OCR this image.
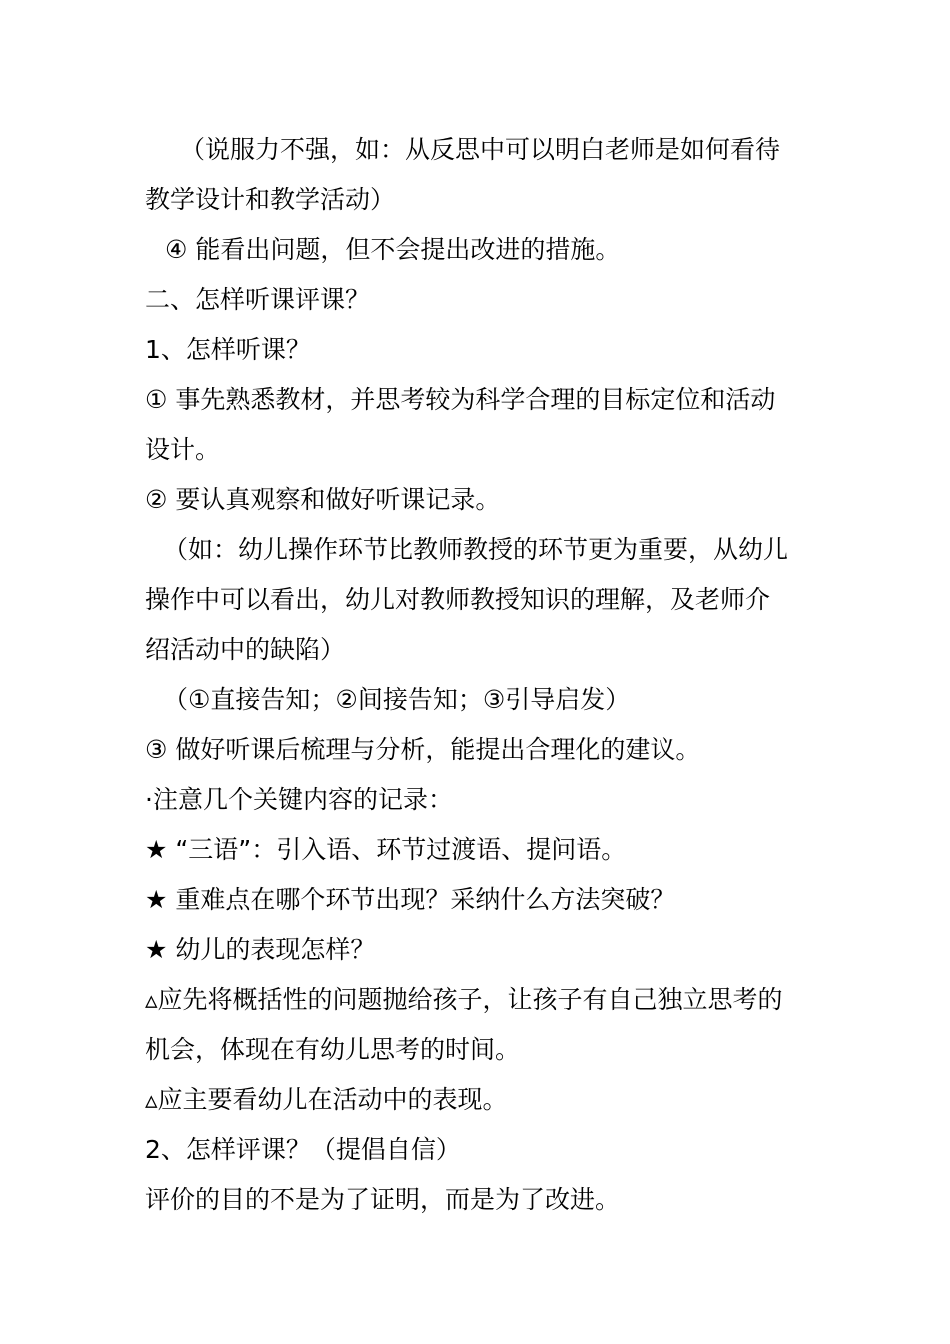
（说服力不强，如：从反思中可以明白老师是如何看待
教学设计和教学活动）
④ 能看出问题，但不会提出改进的措施。
二、怎样听课评课？
1、怎样听课？
① 事先熟悉教材，并思考较为科学合理的目标定位和活动
设计。
② 要认真观察和做好听课记录。
（如：幼儿操作环节比教师教授的环节更为重要，从幼儿
操作中可以看出，幼儿对教师教授知识的理解，及老师介
绍活动中的缺陷）
（①直接告知；②间接告知；③引导启发）
③ 做好听课后梳理与分析，能提出合理化的建议。
·注意几个关键内容的记录：
★ “三语”：引入语、环节过渡语、提问语。
★ 重难点在哪个环节出现？采纳什么方法突破？
★ 幼儿的表现怎样？
▵应先将概括性的问题抛给孩子，让孩子有自己独立思考的
机会，体现在有幼儿思考的时间。
▵应主要看幼儿在活动中的表现。
2、怎样评课？（提倡自信）
评价的目的不是为了证明，而是为了改进。
